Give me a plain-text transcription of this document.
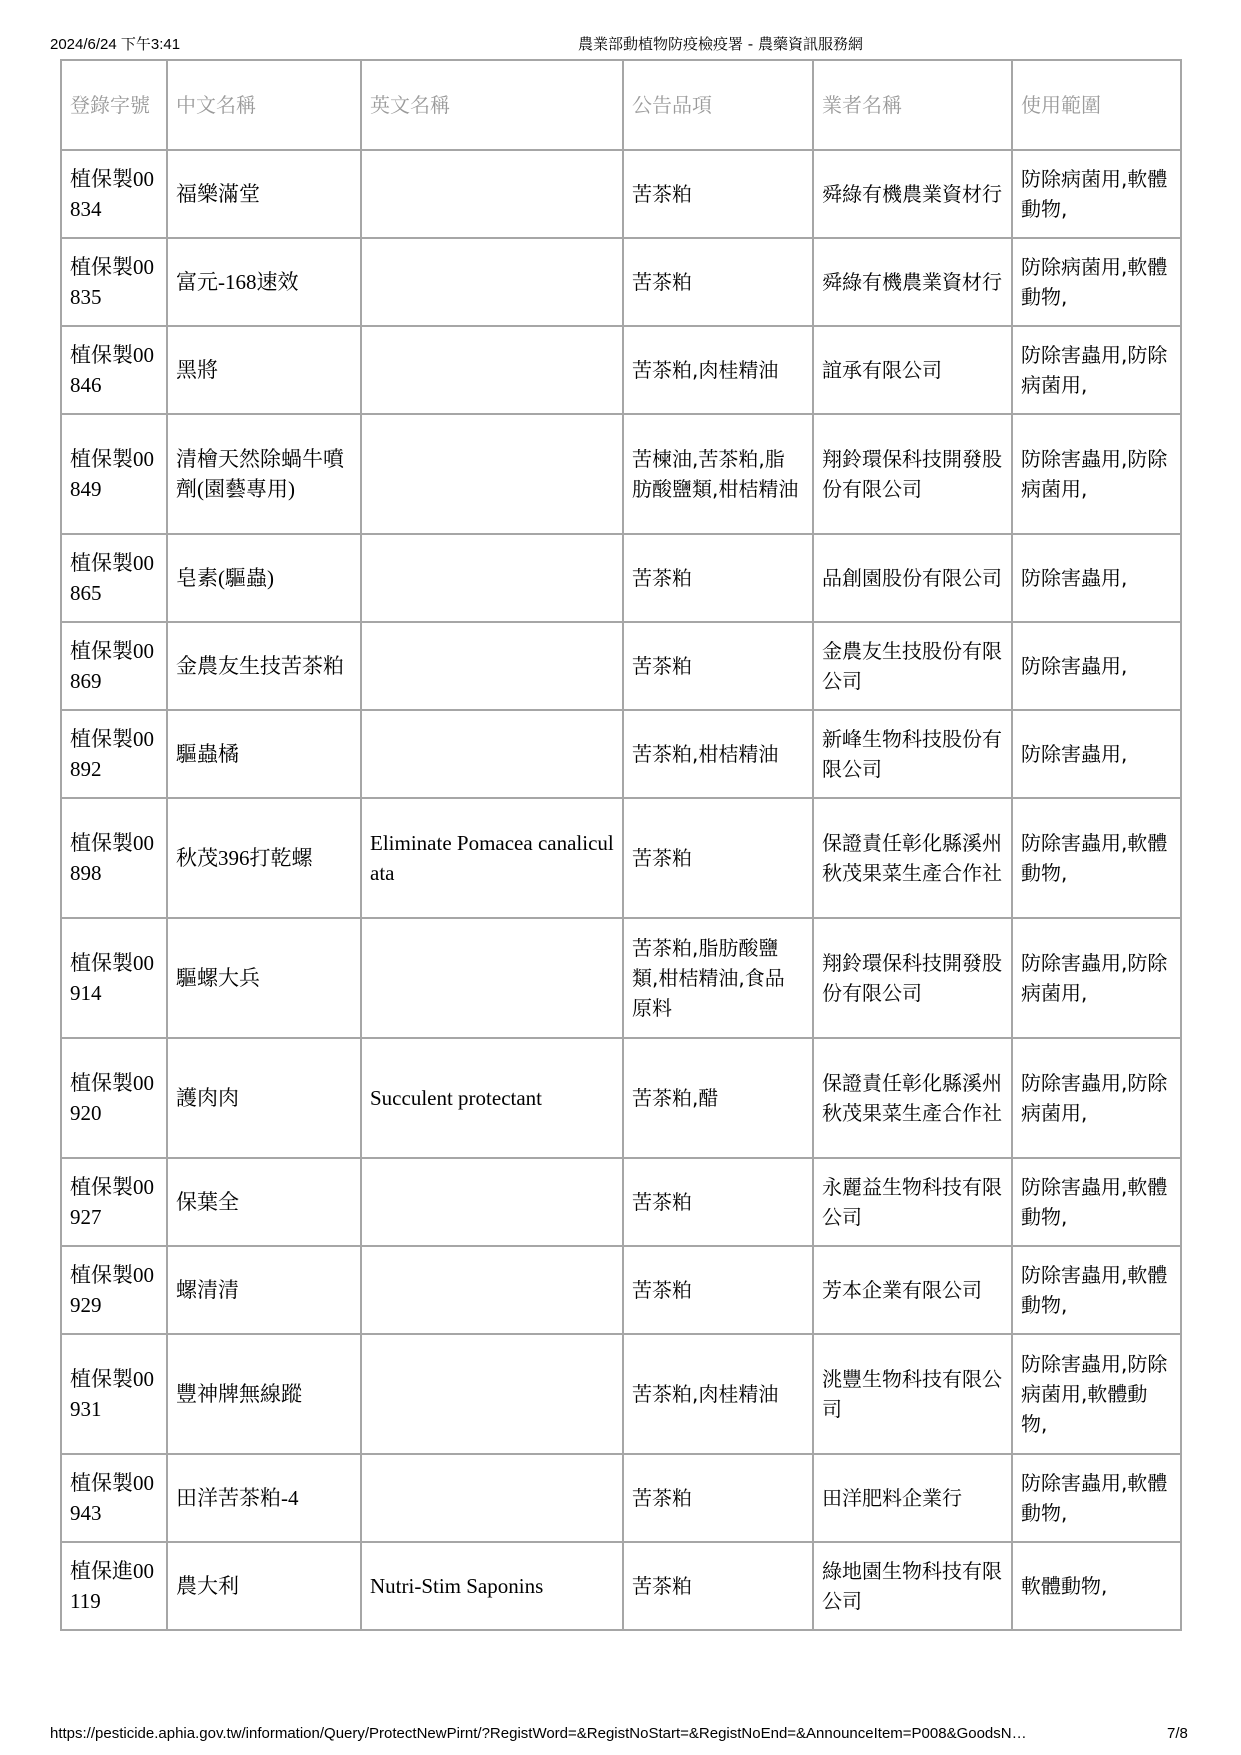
2024/6/24 下午3:41	農業部動植物防疫檢疫署 - 農藥資訊服務網
登錄字號	中文名稱	英文名稱	公告品項	業者名稱	使用範圍
植保製00834	福樂滿堂		苦茶粕	舜綠有機農業資材行	防除病菌用,軟體動物,
植保製00835	富元-168速效		苦茶粕	舜綠有機農業資材行	防除病菌用,軟體動物,
植保製00846	黑將		苦茶粕,肉桂精油	誼承有限公司	防除害蟲用,防除病菌用,
植保製00849	清檜天然除蝸牛噴劑(園藝專用)		苦楝油,苦茶粕,脂肪酸鹽類,柑桔精油	翔鈴環保科技開發股份有限公司	防除害蟲用,防除病菌用,
植保製00865	皂素(驅蟲)		苦茶粕	品創園股份有限公司	防除害蟲用,
植保製00869	金農友生技苦茶粕		苦茶粕	金農友生技股份有限公司	防除害蟲用,
植保製00892	驅蟲橘		苦茶粕,柑桔精油	新峰生物科技股份有限公司	防除害蟲用,
植保製00898	秋茂396打乾螺	Eliminate Pomacea canaliculata	苦茶粕	保證責任彰化縣溪州秋茂果菜生產合作社	防除害蟲用,軟體動物,
植保製00914	驅螺大兵		苦茶粕,脂肪酸鹽類,柑桔精油,食品原料	翔鈴環保科技開發股份有限公司	防除害蟲用,防除病菌用,
植保製00920	護肉肉	Succulent protectant	苦茶粕,醋	保證責任彰化縣溪州秋茂果菜生產合作社	防除害蟲用,防除病菌用,
植保製00927	保葉全		苦茶粕	永麗益生物科技有限公司	防除害蟲用,軟體動物,
植保製00929	螺清清		苦茶粕	芳本企業有限公司	防除害蟲用,軟體動物,
植保製00931	豐神牌無線蹤		苦茶粕,肉桂精油	洮豐生物科技有限公司	防除害蟲用,防除病菌用,軟體動物,
植保製00943	田洋苦茶粕-4		苦茶粕	田洋肥料企業行	防除害蟲用,軟體動物,
植保進00119	農大利	Nutri-Stim Saponins	苦茶粕	綠地園生物科技有限公司	軟體動物,
https://pesticide.aphia.gov.tw/information/Query/ProtectNewPirnt/?RegistWord=&RegistNoStart=&RegistNoEnd=&AnnounceItem=P008&GoodsN…	7/8
